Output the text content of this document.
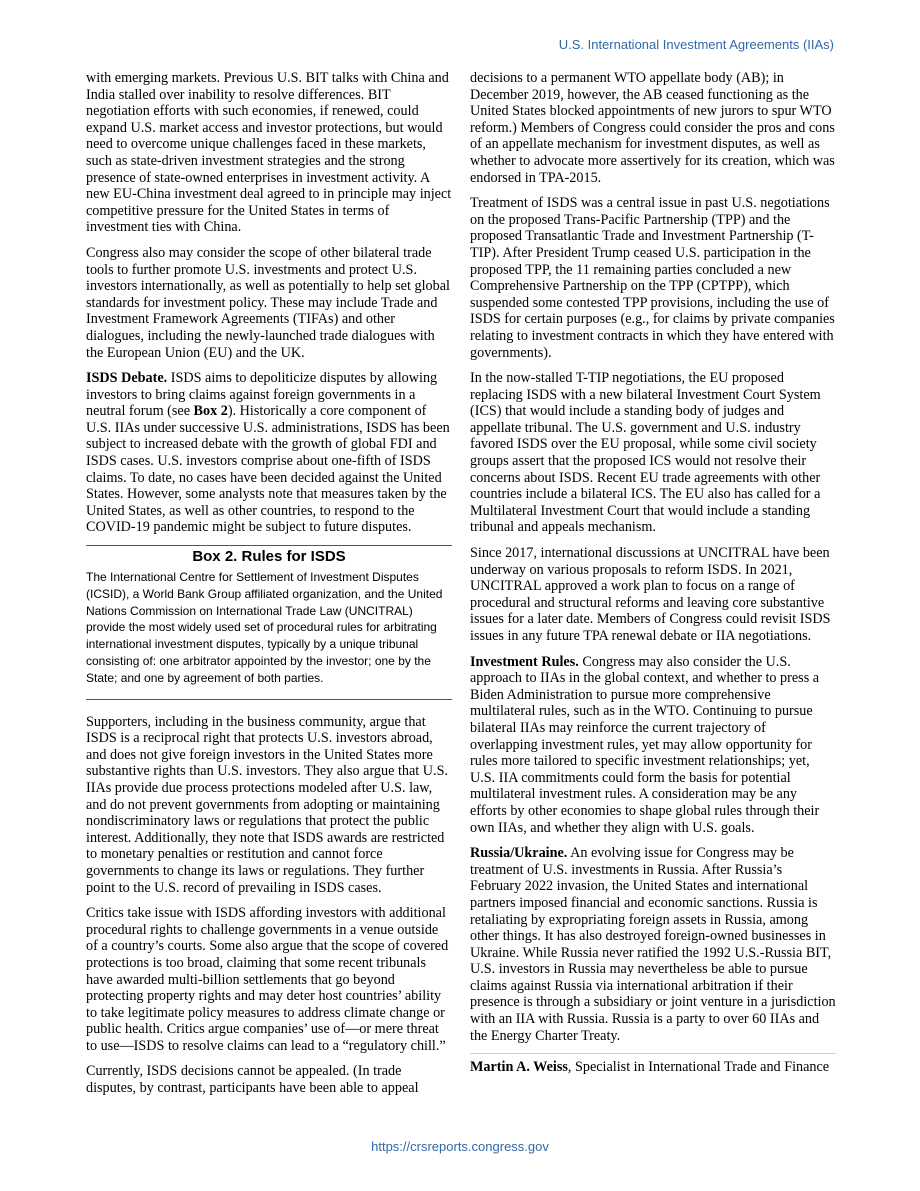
U.S. International Investment Agreements (IIAs)

with emerging markets. Previous U.S. BIT talks with China and India stalled over inability to resolve differences. BIT negotiation efforts with such economies, if renewed, could expand U.S. market access and investor protections, but would need to overcome unique challenges faced in these markets, such as state-driven investment strategies and the strong presence of state-owned enterprises in investment activity. A new EU-China investment deal agreed to in principle may inject competitive pressure for the United States in terms of investment ties with China.

Congress also may consider the scope of other bilateral trade tools to further promote U.S. investments and protect U.S. investors internationally, as well as potentially to help set global standards for investment policy. These may include Trade and Investment Framework Agreements (TIFAs) and other dialogues, including the newly-launched trade dialogues with the European Union (EU) and the UK.

ISDS Debate. ISDS aims to depoliticize disputes by allowing investors to bring claims against foreign governments in a neutral forum (see Box 2). Historically a core component of U.S. IIAs under successive U.S. administrations, ISDS has been subject to increased debate with the growth of global FDI and ISDS cases. U.S. investors comprise about one-fifth of ISDS claims. To date, no cases have been decided against the United States. However, some analysts note that measures taken by the United States, as well as other countries, to respond to the COVID-19 pandemic might be subject to future disputes.

Box 2. Rules for ISDS

The International Centre for Settlement of Investment Disputes (ICSID), a World Bank Group affiliated organization, and the United Nations Commission on International Trade Law (UNCITRAL) provide the most widely used set of procedural rules for arbitrating international investment disputes, typically by a unique tribunal consisting of: one arbitrator appointed by the investor; one by the State; and one by agreement of both parties.

Supporters, including in the business community, argue that ISDS is a reciprocal right that protects U.S. investors abroad, and does not give foreign investors in the United States more substantive rights than U.S. investors. They also argue that U.S. IIAs provide due process protections modeled after U.S. law, and do not prevent governments from adopting or maintaining nondiscriminatory laws or regulations that protect the public interest. Additionally, they note that ISDS awards are restricted to monetary penalties or restitution and cannot force governments to change its laws or regulations. They further point to the U.S. record of prevailing in ISDS cases.

Critics take issue with ISDS affording investors with additional procedural rights to challenge governments in a venue outside of a country’s courts. Some also argue that the scope of covered protections is too broad, claiming that some recent tribunals have awarded multi-billion settlements that go beyond protecting property rights and may deter host countries’ ability to take legitimate policy measures to address climate change or public health. Critics argue companies’ use of—or mere threat to use—ISDS to resolve claims can lead to a “regulatory chill.”

Currently, ISDS decisions cannot be appealed. (In trade disputes, by contrast, participants have been able to appeal

decisions to a permanent WTO appellate body (AB); in December 2019, however, the AB ceased functioning as the United States blocked appointments of new jurors to spur WTO reform.) Members of Congress could consider the pros and cons of an appellate mechanism for investment disputes, as well as whether to advocate more assertively for its creation, which was endorsed in TPA-2015.

Treatment of ISDS was a central issue in past U.S. negotiations on the proposed Trans-Pacific Partnership (TPP) and the proposed Transatlantic Trade and Investment Partnership (T-TIP). After President Trump ceased U.S. participation in the proposed TPP, the 11 remaining parties concluded a new Comprehensive Partnership on the TPP (CPTPP), which suspended some contested TPP provisions, including the use of ISDS for certain purposes (e.g., for claims by private companies relating to investment contracts in which they have entered with governments).

In the now-stalled T-TIP negotiations, the EU proposed replacing ISDS with a new bilateral Investment Court System (ICS) that would include a standing body of judges and appellate tribunal. The U.S. government and U.S. industry favored ISDS over the EU proposal, while some civil society groups assert that the proposed ICS would not resolve their concerns about ISDS. Recent EU trade agreements with other countries include a bilateral ICS. The EU also has called for a Multilateral Investment Court that would include a standing tribunal and appeals mechanism.

Since 2017, international discussions at UNCITRAL have been underway on various proposals to reform ISDS. In 2021, UNCITRAL approved a work plan to focus on a range of procedural and structural reforms and leaving core substantive issues for a later date. Members of Congress could revisit ISDS issues in any future TPA renewal debate or IIA negotiations.

Investment Rules. Congress may also consider the U.S. approach to IIAs in the global context, and whether to press a Biden Administration to pursue more comprehensive multilateral rules, such as in the WTO. Continuing to pursue bilateral IIAs may reinforce the current trajectory of overlapping investment rules, yet may allow opportunity for rules more tailored to specific investment relationships; yet, U.S. IIA commitments could form the basis for potential multilateral investment rules. A consideration may be any efforts by other economies to shape global rules through their own IIAs, and whether they align with U.S. goals.

Russia/Ukraine. An evolving issue for Congress may be treatment of U.S. investments in Russia. After Russia’s February 2022 invasion, the United States and international partners imposed financial and economic sanctions. Russia is retaliating by expropriating foreign assets in Russia, among other things. It has also destroyed foreign-owned businesses in Ukraine. While Russia never ratified the 1992 U.S.-Russia BIT, U.S. investors in Russia may nevertheless be able to pursue claims against Russia via international arbitration if their presence is through a subsidiary or joint venture in a jurisdiction with an IIA with Russia. Russia is a party to over 60 IIAs and the Energy Charter Treaty.

Martin A. Weiss, Specialist in International Trade and Finance

https://crsreports.congress.gov
